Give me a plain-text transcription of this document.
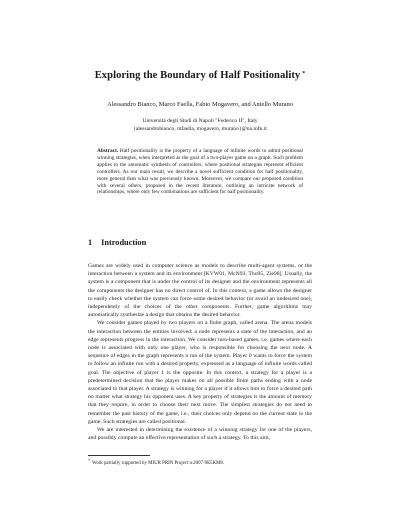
Exploring the Boundary of Half Positionality *

Alessandro Bianco, Marco Faella, Fabio Mogavero, and Aniello Murano

Università degli Studi di Napoli "Federico II", Italy
{alessandrobianco, mfaella, mogavero, murano}@na.infn.it

Abstract. Half positionality is the property of a language of infinite words to admit positional winning strategies, when interpreted as the goal of a two-player game on a graph. Such problem applies to the automatic synthesis of controllers, where positional strategies represent efficient controllers. As our main result, we describe a novel sufficient condition for half positionality, more general than what was previously known. Moreover, we compare our proposed condition with several others, proposed in the recent literature, outlining an intricate network of relationships, where only few combinations are sufficient for half positionality.

1 Introduction

Games are widely used in computer science as models to describe multi-agent systems, or the interaction between a system and its environment [KVW01, McN93, Tho95, Zie98]. Usually, the system is a component that is under the control of its designer and the environment represents all the components the designer has no direct control of. In this context, a game allows the designer to easily check whether the system can force some desired behavior (or avoid an undesired one), independently of the choices of the other components. Further, game algorithms may automatically synthesize a design that obtains the desired behavior.

We consider games played by two players on a finite graph, called arena. The arena models the interaction between the entities involved: a node represents a state of the interaction, and an edge represents progress in the interaction. We consider turn-based games, i.e. games where each node is associated with only one player, who is responsible for choosing the next node. A sequence of edges in the graph represents a run of the system. Player 0 wants to force the system to follow an infinite run with a desired property, expressed as a language of infinite words called goal. The objective of player 1 is the opposite. In this context, a strategy for a player is a predetermined decision that the player makes on all possible finite paths ending with a node associated to that player. A strategy is winning for a player if it allows him to force a desired path no matter what strategy his opponent uses. A key property of strategies is the amount of memory that they require, in order to choose their next move. The simplest strategies do not need to remember the past history of the game, i.e., their choices only depend on the current state in the game. Such strategies are called positional.

We are interested in determining the existence of a winning strategy for one of the players, and possibly compute an effective representation of such a strategy. To this aim,

*Work partially supported by MIUR PRIN Project n.2007-9E5KM8.
